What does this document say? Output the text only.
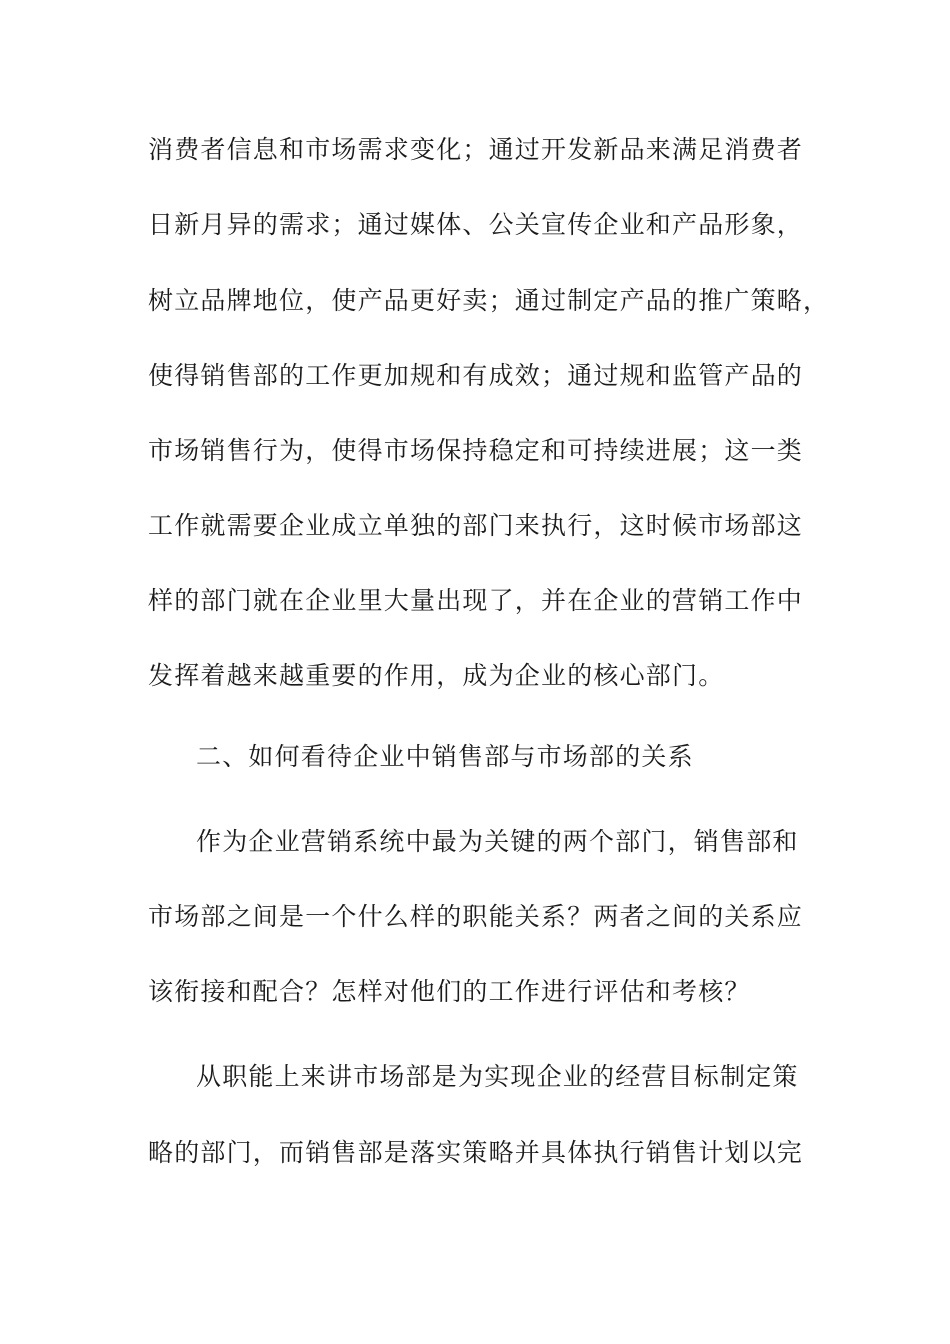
消费者信息和市场需求变化；通过开发新品来满足消费者
日新月异的需求；通过媒体、公关宣传企业和产品形象，
树立品牌地位，使产品更好卖；通过制定产品的推广策略，
使得销售部的工作更加规和有成效；通过规和监管产品的
市场销售行为，使得市场保持稳定和可持续进展；这一类
工作就需要企业成立单独的部门来执行，这时候市场部这
样的部门就在企业里大量出现了，并在企业的营销工作中
发挥着越来越重要的作用，成为企业的核心部门。
二、如何看待企业中销售部与市场部的关系
作为企业营销系统中最为关键的两个部门，销售部和
市场部之间是一个什么样的职能关系？两者之间的关系应
该衔接和配合？怎样对他们的工作进行评估和考核？
从职能上来讲市场部是为实现企业的经营目标制定策
略的部门，而销售部是落实策略并具体执行销售计划以完
